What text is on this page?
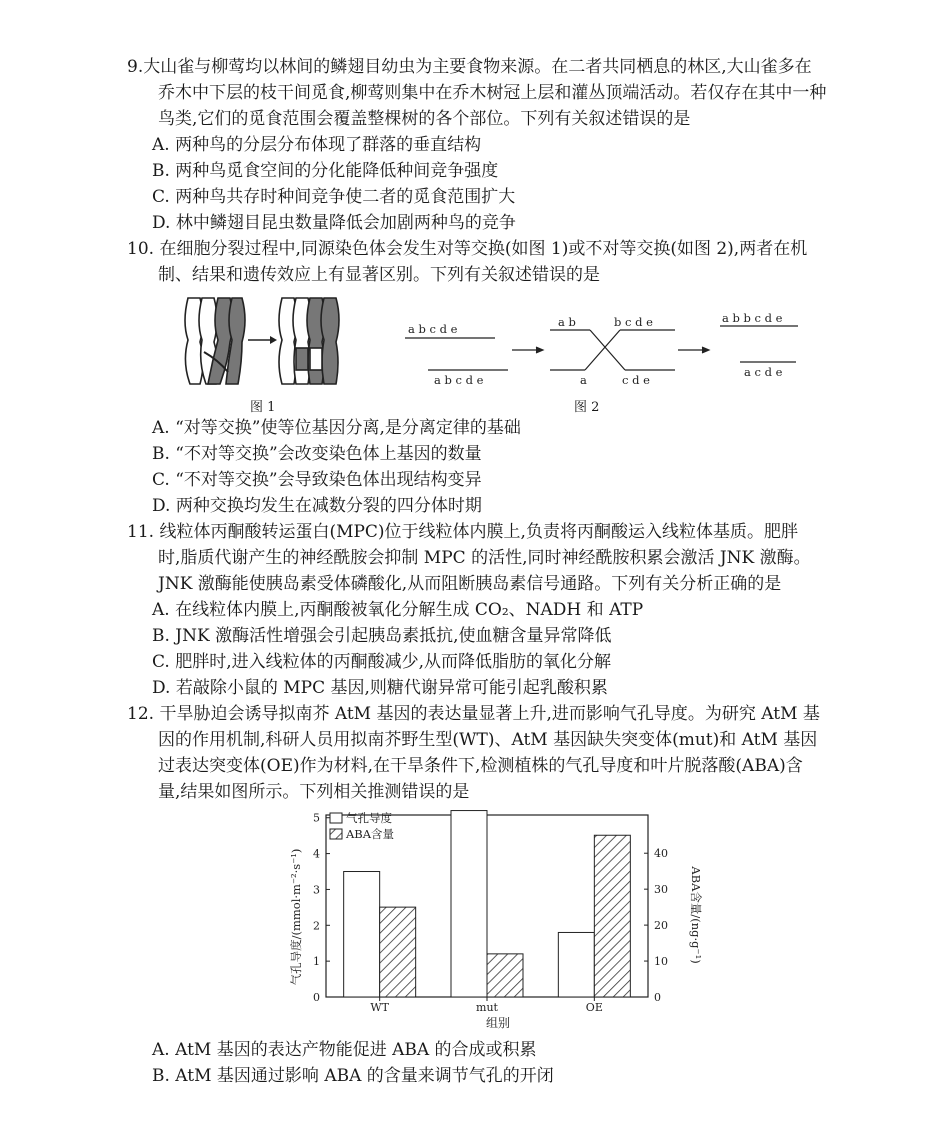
9.大山雀与柳莺均以林间的鳞翅目幼虫为主要食物来源。在二者共同栖息的林区,大山雀多在
乔木中下层的枝干间觅食,柳莺则集中在乔木树冠上层和灌丛顶端活动。若仅存在其中一种
鸟类,它们的觅食范围会覆盖整棵树的各个部位。下列有关叙述错误的是
A. 两种鸟的分层分布体现了群落的垂直结构
B. 两种鸟觅食空间的分化能降低种间竞争强度
C. 两种鸟共存时种间竞争使二者的觅食范围扩大
D. 林中鳞翅目昆虫数量降低会加剧两种鸟的竞争
10. 在细胞分裂过程中,同源染色体会发生对等交换(如图 1)或不对等交换(如图 2),两者在机
制、结果和遗传效应上有显著区别。下列有关叙述错误的是
图 1
a b c d e
a b c d e
a b	b c d e
a	c d e
a b b c d e
a c d e
图 2
A. “对等交换”使等位基因分离,是分离定律的基础
B. “不对等交换”会改变染色体上基因的数量
C. “不对等交换”会导致染色体出现结构变异
D. 两种交换均发生在减数分裂的四分体时期
11. 线粒体丙酮酸转运蛋白(MPC)位于线粒体内膜上,负责将丙酮酸运入线粒体基质。肥胖
时,脂质代谢产生的神经酰胺会抑制 MPC 的活性,同时神经酰胺积累会激活 JNK 激酶。
JNK 激酶能使胰岛素受体磷酸化,从而阻断胰岛素信号通路。下列有关分析正确的是
A. 在线粒体内膜上,丙酮酸被氧化分解生成 CO₂、NADH 和 ATP
B. JNK 激酶活性增强会引起胰岛素抵抗,使血糖含量异常降低
C. 肥胖时,进入线粒体的丙酮酸减少,从而降低脂肪的氧化分解
D. 若敲除小鼠的 MPC 基因,则糖代谢异常可能引起乳酸积累
12. 干旱胁迫会诱导拟南芥 AtM 基因的表达量显著上升,进而影响气孔导度。为研究 AtM 基
因的作用机制,科研人员用拟南芥野生型(WT)、AtM 基因缺失突变体(mut)和 AtM 基因
过表达突变体(OE)作为材料,在干旱条件下,检测植株的气孔导度和叶片脱落酸(ABA)含
量,结果如图所示。下列相关推测错误的是
0
1
2
3
4
5
0
10
20
30
40
WT	mut	OE
组别
气孔导度/(mmol·m⁻²·s⁻¹)	ABA含量/(ng·g⁻¹)
气孔导度
ABA含量
A. AtM 基因的表达产物能促进 ABA 的合成或积累
B. AtM 基因通过影响 ABA 的含量来调节气孔的开闭
